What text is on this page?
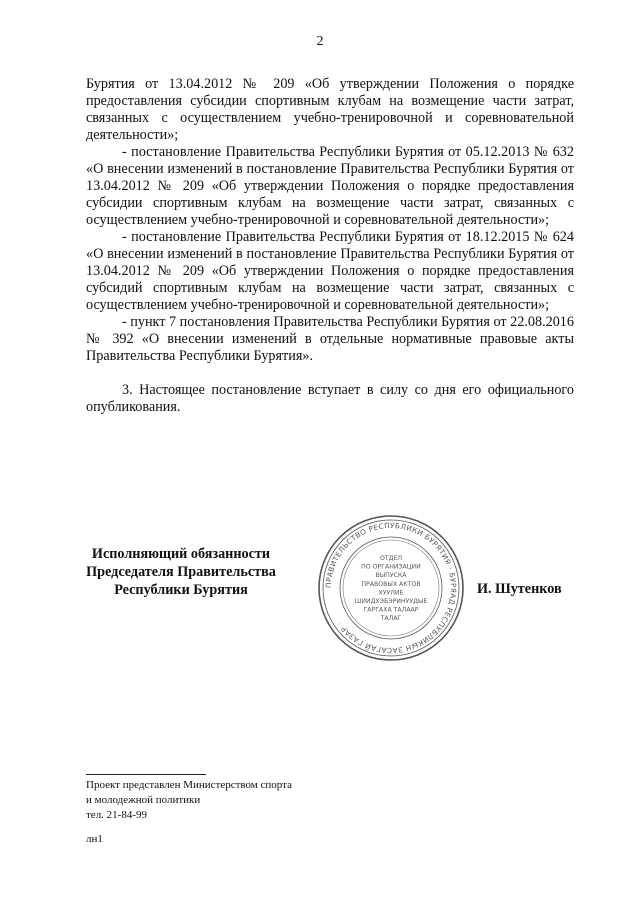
2

Бурятия от 13.04.2012 № 209 «Об утверждении Положения о порядке предоставления субсидии спортивным клубам на возмещение части затрат, связанных с осуществлением учебно-тренировочной и соревновательной деятельности»;

- постановление Правительства Республики Бурятия от 05.12.2013 № 632 «О внесении изменений в постановление Правительства Республики Бурятия от 13.04.2012 № 209 «Об утверждении Положения о порядке предоставления субсидии спортивным клубам на возмещение части затрат, связанных с осуществлением учебно-тренировочной и соревновательной деятельности»;

- постановление Правительства Республики Бурятия от 18.12.2015 № 624 «О внесении изменений в постановление Правительства Республики Бурятия от 13.04.2012 № 209 «Об утверждении Положения о порядке предоставления субсидий спортивным клубам на возмещение части затрат, связанных с осуществлением учебно-тренировочной и соревновательной деятельности»;

- пункт 7 постановления Правительства Республики Бурятия от 22.08.2016 № 392 «О внесении изменений в отдельные нормативные правовые акты Правительства Республики Бурятия».

3. Настоящее постановление вступает в силу со дня его официального опубликования.

Исполняющий обязанности
Председателя Правительства
Республики Бурятия	ПРАВИТЕЛЬСТВО РЕСПУБЛИКИ БУРЯТИЯ · БУРЯАД РЕСПУБЛИКЫН ЗАСАГАЙ ГАЗАР ·
ОТДЕЛ
ПО ОРГАНИЗАЦИИ
ВЫПУСКА
ПРАВОВЫХ АКТОВ
ХУУЛИЕ
ШИИДХЭБЭРИНУУДЫЕ
ГАРГАХА ТАЛААР
ТАЛАГ
И. Шутенков
Проект представлен Министерством спорта
и молодежной политики
тел. 21-84-99
лн1
